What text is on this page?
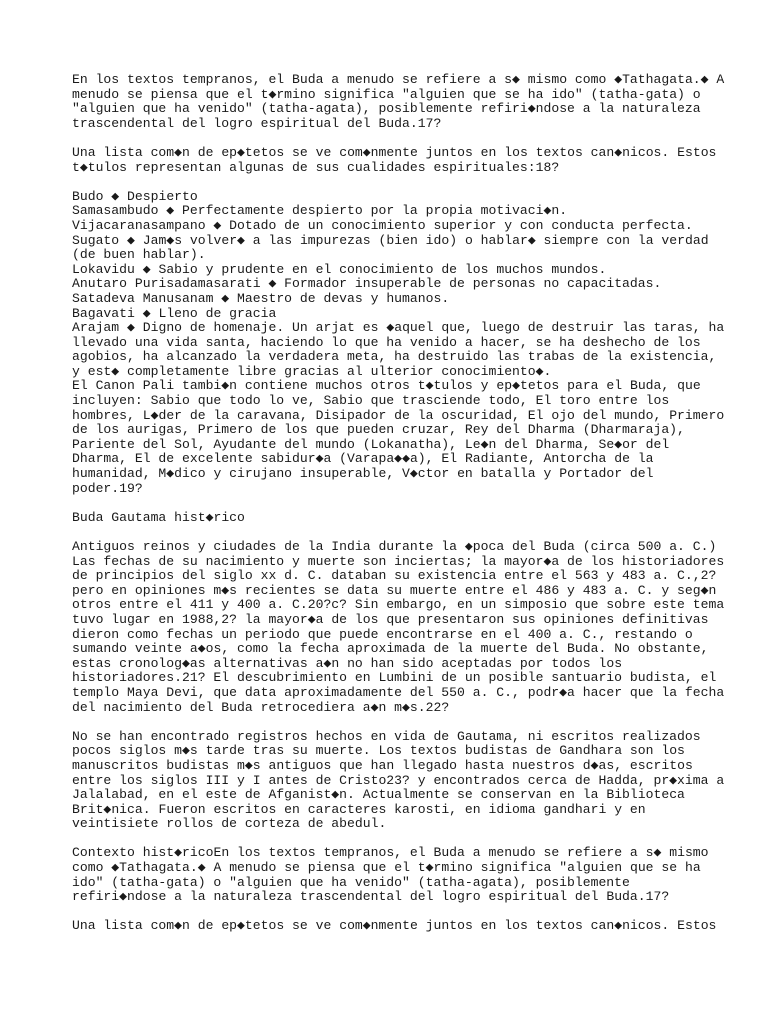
En los textos tempranos, el Buda a menudo se refiere a s◆ mismo como ◆Tathagata.◆ A
menudo se piensa que el t◆rmino significa "alguien que se ha ido" (tatha-gata) o
"alguien que ha venido" (tatha-agata), posiblemente refiri◆ndose a la naturaleza
trascendental del logro espiritual del Buda.17?
Una lista com◆n de ep◆tetos se ve com◆nmente juntos en los textos can◆nicos. Estos
t◆tulos representan algunas de sus cualidades espirituales:18?
Budo ◆ Despierto
Samasambudo ◆ Perfectamente despierto por la propia motivaci◆n.
Vijacaranasampano ◆ Dotado de un conocimiento superior y con conducta perfecta.
Sugato ◆ Jam◆s volver◆ a las impurezas (bien ido) o hablar◆ siempre con la verdad
(de buen hablar).
Lokavidu ◆ Sabio y prudente en el conocimiento de los muchos mundos.
Anutaro Purisadamasarati ◆ Formador insuperable de personas no capacitadas.
Satadeva Manusanam ◆ Maestro de devas y humanos.
Bagavati ◆ Lleno de gracia
Arajam ◆ Digno de homenaje. Un arjat es ◆aquel que, luego de destruir las taras, ha
llevado una vida santa, haciendo lo que ha venido a hacer, se ha deshecho de los
agobios, ha alcanzado la verdadera meta, ha destruido las trabas de la existencia,
y est◆ completamente libre gracias al ulterior conocimiento◆.
El Canon Pali tambi◆n contiene muchos otros t◆tulos y ep◆tetos para el Buda, que
incluyen: Sabio que todo lo ve, Sabio que trasciende todo, El toro entre los
hombres, L◆der de la caravana, Disipador de la oscuridad, El ojo del mundo, Primero
de los aurigas, Primero de los que pueden cruzar, Rey del Dharma (Dharmaraja),
Pariente del Sol, Ayudante del mundo (Lokanatha), Le◆n del Dharma, Se◆or del
Dharma, El de excelente sabidur◆a (Varapa◆◆a), El Radiante, Antorcha de la
humanidad, M◆dico y cirujano insuperable, V◆ctor en batalla y Portador del
poder.19?
Buda Gautama hist◆rico
Antiguos reinos y ciudades de la India durante la ◆poca del Buda (circa 500 a. C.)
Las fechas de su nacimiento y muerte son inciertas; la mayor◆a de los historiadores
de principios del siglo xx d. C. databan su existencia entre el 563 y 483 a. C.,2?
pero en opiniones m◆s recientes se data su muerte entre el 486 y 483 a. C. y seg◆n
otros entre el 411 y 400 a. C.20?c? Sin embargo, en un simposio que sobre este tema
tuvo lugar en 1988,2? la mayor◆a de los que presentaron sus opiniones definitivas
dieron como fechas un periodo que puede encontrarse en el 400 a. C., restando o
sumando veinte a◆os, como la fecha aproximada de la muerte del Buda. No obstante,
estas cronolog◆as alternativas a◆n no han sido aceptadas por todos los
historiadores.21? El descubrimiento en Lumbini de un posible santuario budista, el
templo Maya Devi, que data aproximadamente del 550 a. C., podr◆a hacer que la fecha
del nacimiento del Buda retrocediera a◆n m◆s.22?
No se han encontrado registros hechos en vida de Gautama, ni escritos realizados
pocos siglos m◆s tarde tras su muerte. Los textos budistas de Gandhara son los
manuscritos budistas m◆s antiguos que han llegado hasta nuestros d◆as, escritos
entre los siglos III y I antes de Cristo23? y encontrados cerca de Hadda, pr◆xima a
Jalalabad, en el este de Afganist◆n. Actualmente se conservan en la Biblioteca
Brit◆nica. Fueron escritos en caracteres karosti, en idioma gandhari y en
veintisiete rollos de corteza de abedul.
Contexto hist◆ricoEn los textos tempranos, el Buda a menudo se refiere a s◆ mismo
como ◆Tathagata.◆ A menudo se piensa que el t◆rmino significa "alguien que se ha
ido" (tatha-gata) o "alguien que ha venido" (tatha-agata), posiblemente
refiri◆ndose a la naturaleza trascendental del logro espiritual del Buda.17?
Una lista com◆n de ep◆tetos se ve com◆nmente juntos en los textos can◆nicos. Estos
